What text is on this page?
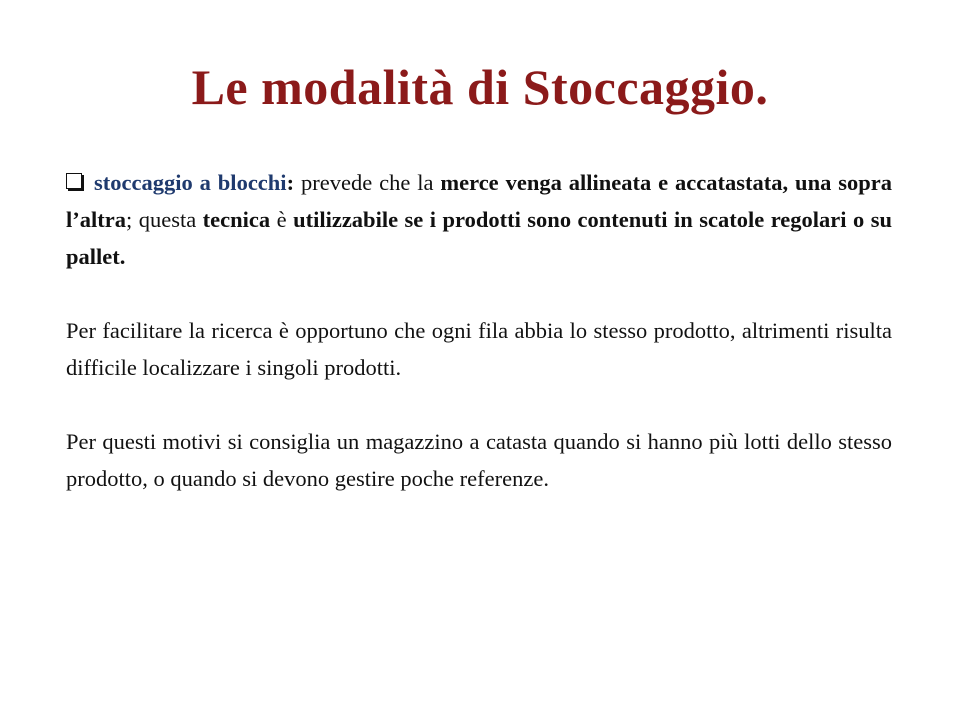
Le modalità di Stoccaggio.

stoccaggio a blocchi: prevede che la merce venga allineata e accatastata, una sopra l’altra; questa tecnica è utilizzabile se i prodotti sono contenuti in scatole regolari o su pallet.

Per facilitare la ricerca è opportuno che ogni fila abbia lo stesso prodotto, altrimenti risulta difficile localizzare i singoli prodotti.

Per questi motivi si consiglia un magazzino a catasta quando si hanno più lotti dello stesso prodotto, o quando si devono gestire poche referenze.
